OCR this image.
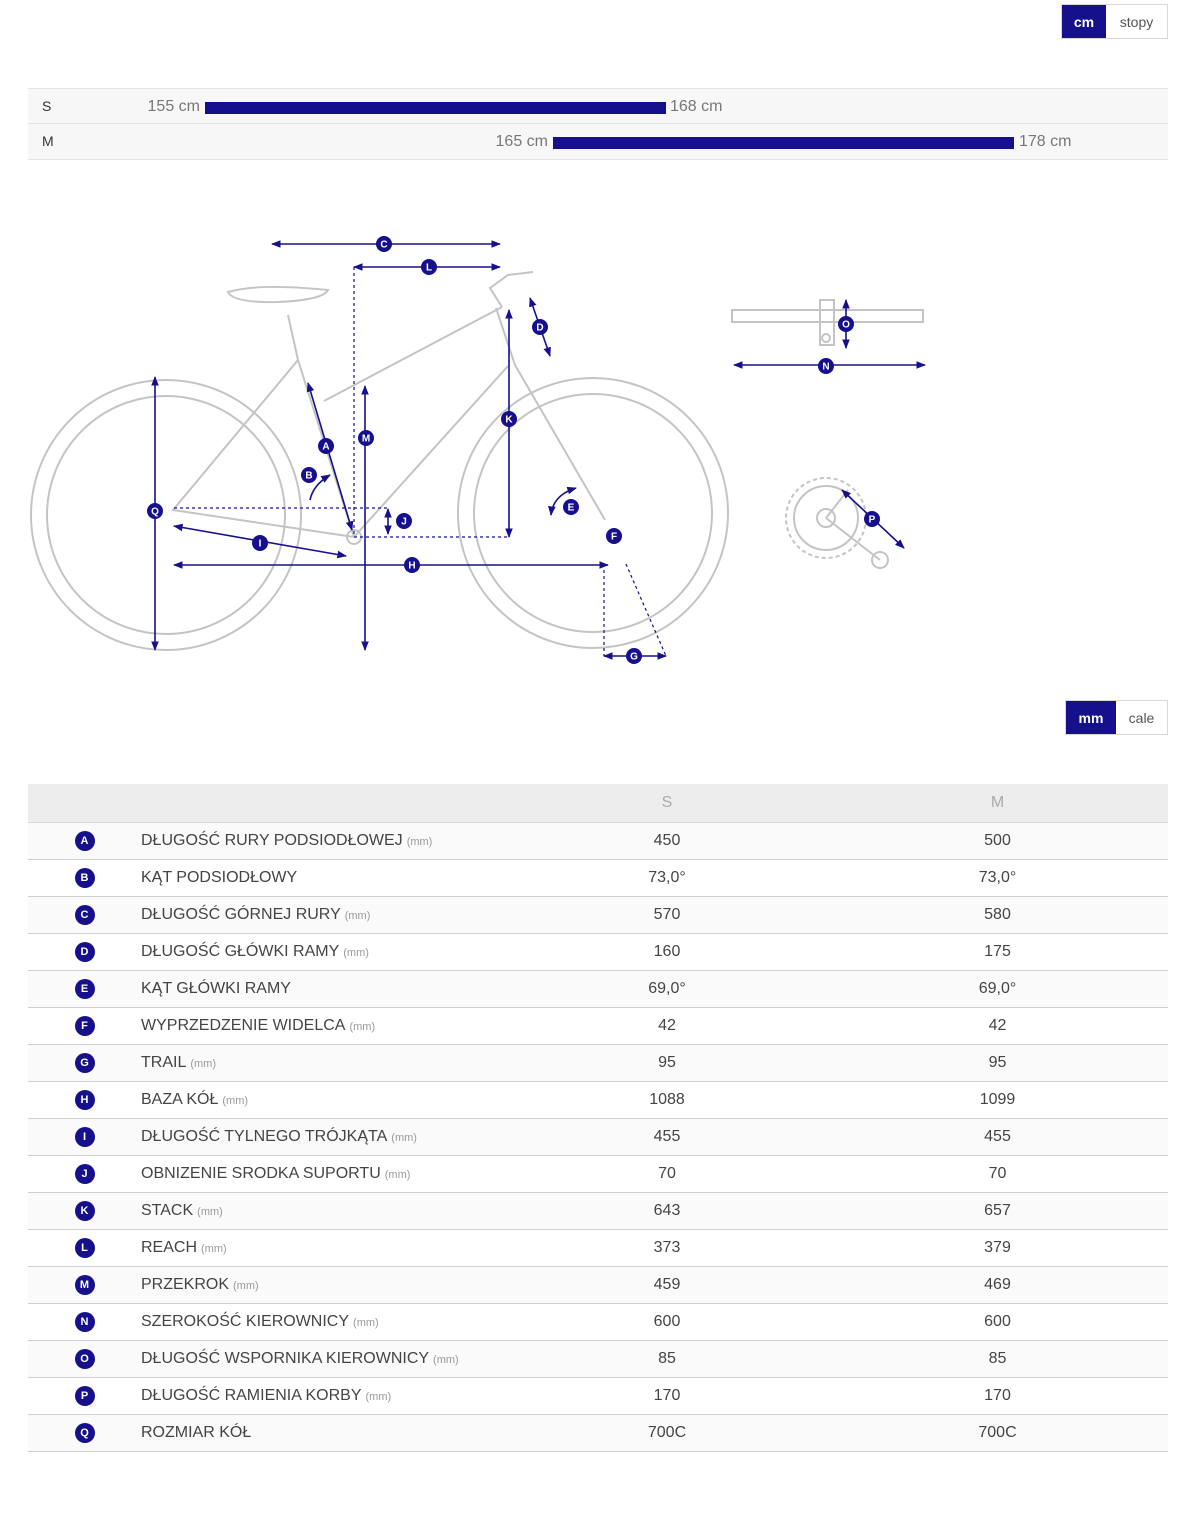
cm	stopy
S	155 cm	168 cm
M	165 cm	178 cm
A
B
C
D
E
F
G
H
I
J
K
L
M
N
O
P
Q
mm	cale
		S	M
A	DŁUGOŚĆ RURY PODSIODŁOWEJ (mm)	450	500
B	KĄT PODSIODŁOWY	73,0°	73,0°
C	DŁUGOŚĆ GÓRNEJ RURY (mm)	570	580
D	DŁUGOŚĆ GŁÓWKI RAMY (mm)	160	175
E	KĄT GŁÓWKI RAMY	69,0°	69,0°
F	WYPRZEDZENIE WIDELCA (mm)	42	42
G	TRAIL (mm)	95	95
H	BAZA KÓŁ (mm)	1088	1099
I	DŁUGOŚĆ TYLNEGO TRÓJKĄTA (mm)	455	455
J	OBNIZENIE SRODKA SUPORTU (mm)	70	70
K	STACK (mm)	643	657
L	REACH (mm)	373	379
M	PRZEKROK (mm)	459	469
N	SZEROKOŚĆ KIEROWNICY (mm)	600	600
O	DŁUGOŚĆ WSPORNIKA KIEROWNICY (mm)	85	85
P	DŁUGOŚĆ RAMIENIA KORBY (mm)	170	170
Q	ROZMIAR KÓŁ	700C	700C
